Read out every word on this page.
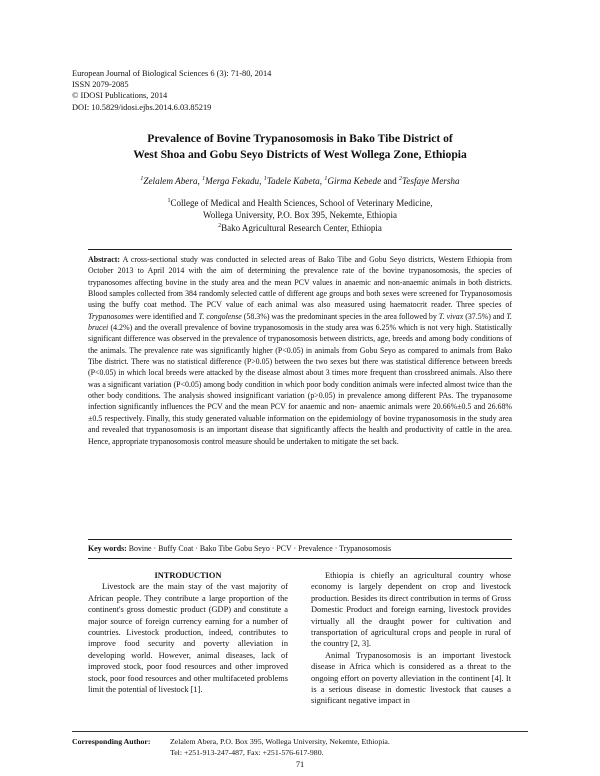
European Journal of Biological Sciences 6 (3): 71-80, 2014
ISSN 2079-2085
© IDOSI Publications, 2014
DOI: 10.5829/idosi.ejbs.2014.6.03.85219
Prevalence of Bovine Trypanosomosis in Bako Tibe District of
West Shoa and Gobu Seyo Districts of West Wollega Zone, Ethiopia
$^1$Zelalem Abera, $^1$Merga Fekadu, $^1$Tadele Kabeta, $^1$Girma Kebede and $^2$Tesfaye Mersha
$^1$College of Medical and Health Sciences, School of Veterinary Medicine,
Wollega University, P.O. Box 395, Nekemte, Ethiopia
$^2$Bako Agricultural Research Center, Ethiopia
Abstract: A cross-sectional study was conducted in selected areas of Bako Tibe and Gobu Seyo districts, Western Ethiopia from October 2013 to April 2014 with the aim of determining the prevalence rate of the bovine trypanosomosis, the species of trypanosomes affecting bovine in the study area and the mean PCV values in anaemic and non-anaemic animals in both districts. Blood samples collected from 384 randomly selected cattle of different age groups and both sexes were screened for Trypanosomosis using the buffy coat method. The PCV value of each animal was also measured using haematocrit reader. Three species of Trypanosomes were identified and T. congolense (58.3%) was the predominant species in the area followed by T. vivax (37.5%) and T. brucei (4.2%) and the overall prevalence of bovine trypanosomosis in the study area was 6.25% which is not very high. Statistically significant difference was observed in the prevalence of trypanosomosis between districts, age, breeds and among body conditions of the animals. The prevalence rate was significantly higher (P<0.05) in animals from Gobu Seyo as compared to animals from Bako Tibe district. There was no statistical difference (P>0.05) between the two sexes but there was statistical difference between breeds (P<0.05) in which local breeds were attacked by the disease almost about 3 times more frequent than crossbreed animals. Also there was a significant variation (P<0.05) among body condition in which poor body condition animals were infected almost twice than the other body conditions. The analysis showed insignificant variation (p>0.05) in prevalence among different PAs. The trypanosome infection significantly influences the PCV and the mean PCV for anaemic and non- anaemic animals were 20.66%±0.5 and 26.68%±0.5 respectively. Finally, this study generated valuable information on the epidemiology of bovine trypanosomosis in the study area and revealed that trypanosomosis is an important disease that significantly affects the health and productivity of cattle in the area. Hence, appropriate trypanosomosis control measure should be undertaken to mitigate the set back.
Key words: Bovine · Buffy Coat · Bako Tibe Gobu Seyo · PCV · Prevalence · Trypanosomosis

INTRODUCTION

Livestock are the main stay of the vast majority of African people. They contribute a large proportion of the continent's gross domestic product (GDP) and constitute a major source of foreign currency earning for a number of countries. Livestock production, indeed, contributes to improve food security and poverty alleviation in developing world. However, animal diseases, lack of improved stock, poor food resources and other improved stock, poor food resources and other multifaceted problems limit the potential of livestock [1].

Ethiopia is chiefly an agricultural country whose economy is largely dependent on crop and livestock production. Besides its direct contribution in terms of Gross Domestic Product and foreign earning, livestock provides virtually all the draught power for cultivation and transportation of agricultural crops and people in rural of the country [2, 3].

Animal Trypanosomosis is an important livestock disease in Africa which is considered as a threat to the ongoing effort on poverty alleviation in the continent [4]. It is a serious disease in domestic livestock that causes a significant negative impact in

Corresponding Author:	Zelalem Abera, P.O. Box 395, Wollega University, Nekemte, Ethiopia.
Tel: +251-913-247-487, Fax: +251-576-617-980.
71
